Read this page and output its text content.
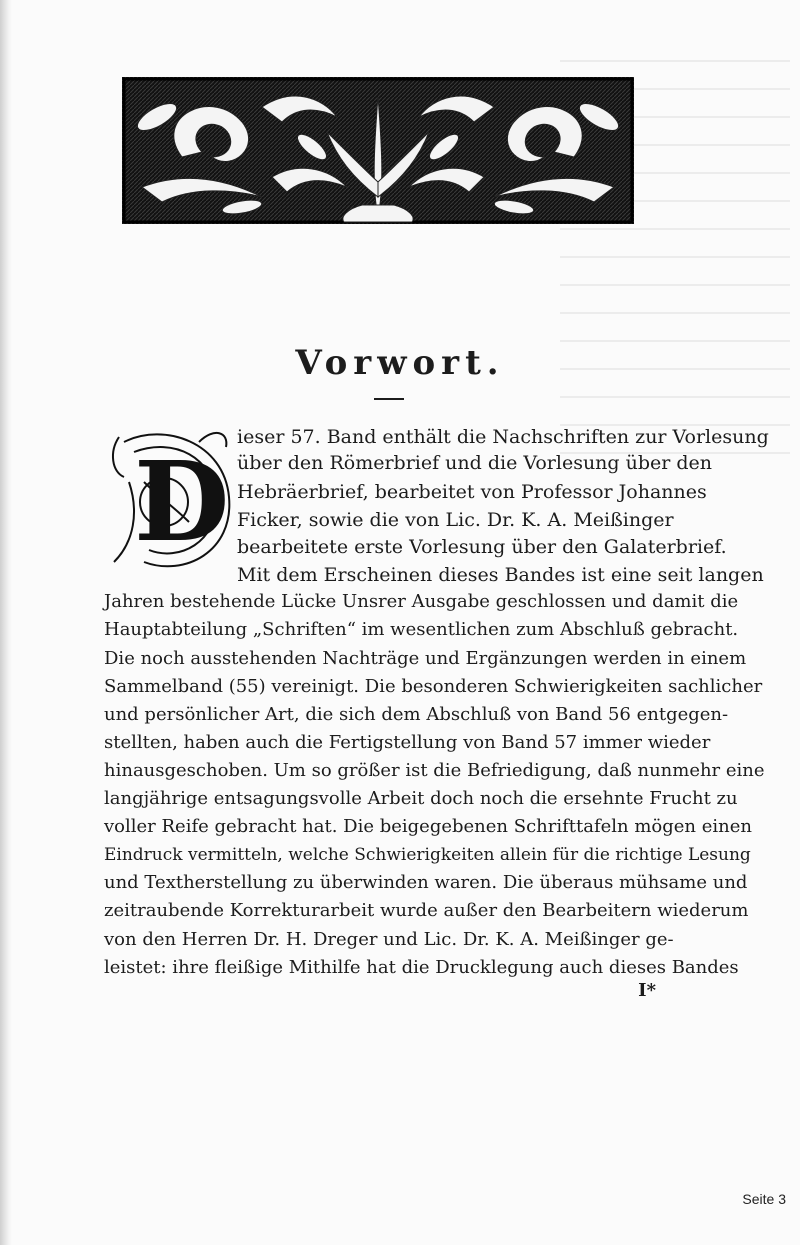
Vorwort.
D ieser 57. Band enthält die Nachschriften zur Vorlesung
über den Römerbrief und die Vorlesung über den
Hebräerbrief, bearbeitet von Professor Johannes
Ficker, sowie die von Lic. Dr. K. A. Meißinger
bearbeitete erste Vorlesung über den Galaterbrief.
Mit dem Erscheinen dieses Bandes ist eine seit langen
Jahren bestehende Lücke Unsrer Ausgabe geschlossen und damit die
Hauptabteilung „Schriften“ im wesentlichen zum Abschluß gebracht.
Die noch ausstehenden Nachträge und Ergänzungen werden in einem
Sammelband (55) vereinigt. Die besonderen Schwierigkeiten sachlicher
und persönlicher Art, die sich dem Abschluß von Band 56 entgegen-
stellten, haben auch die Fertigstellung von Band 57 immer wieder
hinausgeschoben. Um so größer ist die Befriedigung, daß nunmehr eine
langjährige entsagungsvolle Arbeit doch noch die ersehnte Frucht zu
voller Reife gebracht hat. Die beigegebenen Schrifttafeln mögen einen
Eindruck vermitteln, welche Schwierigkeiten allein für die richtige Lesung
und Textherstellung zu überwinden waren. Die überaus mühsame und
zeitraubende Korrekturarbeit wurde außer den Bearbeitern wiederum
von den Herren Dr. H. Dreger und Lic. Dr. K. A. Meißinger ge-
leistet: ihre fleißige Mithilfe hat die Drucklegung auch dieses Bandes
I*
Seite 3
